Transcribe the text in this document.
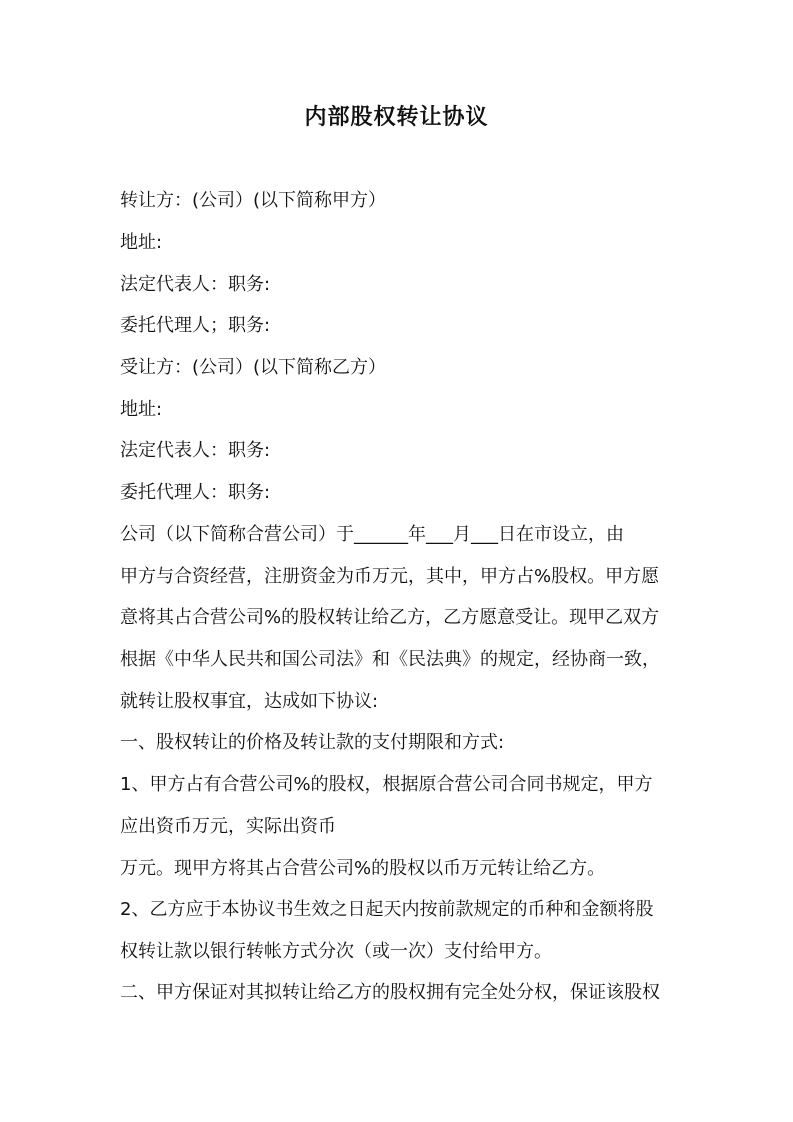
内部股权转让协议

转让方：(公司）(以下简称甲方）

地址:

法定代表人：职务:

委托代理人；职务:

受让方：(公司）(以下简称乙方）

地址:

法定代表人：职务:

委托代理人：职务:

公司（以下简称合营公司）于______年___月___日在市设立，由

甲方与合资经营，注册资金为币万元，其中，甲方占%股权。甲方愿

意将其占合营公司%的股权转让给乙方，乙方愿意受让。现甲乙双方

根据《中华人民共和国公司法》和《民法典》的规定，经协商一致，

就转让股权事宜，达成如下协议:

一、股权转让的价格及转让款的支付期限和方式:

1、甲方占有合营公司%的股权，根据原合营公司合同书规定，甲方

应出资币万元，实际出资币

万元。现甲方将其占合营公司%的股权以币万元转让给乙方。

2、乙方应于本协议书生效之日起天内按前款规定的币种和金额将股

权转让款以银行转帐方式分次（或一次）支付给甲方。

二、甲方保证对其拟转让给乙方的股权拥有完全处分权，保证该股权
